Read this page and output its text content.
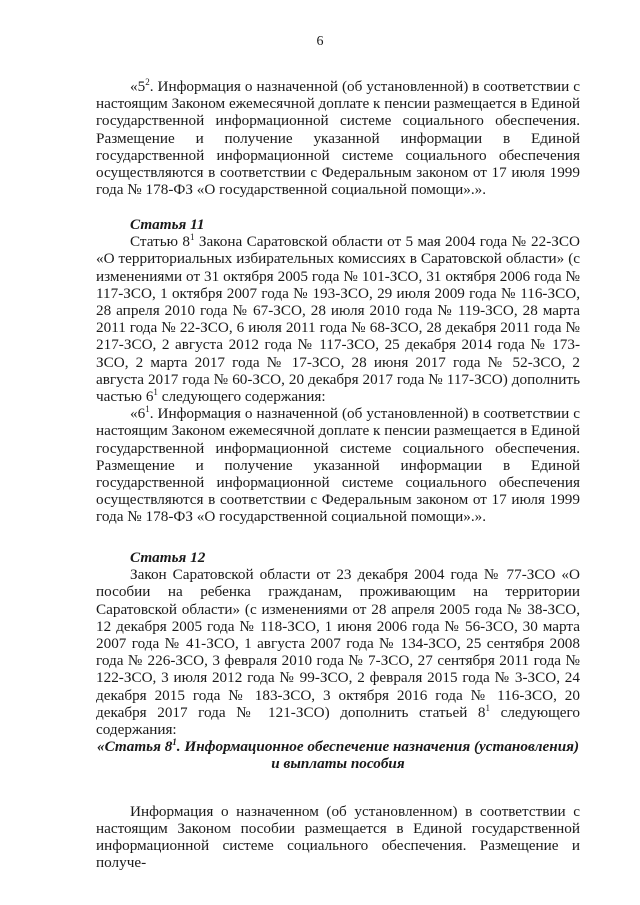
6

«$5^2$. Информация о назначенной (об установленной) в соответствии с настоящим Законом ежемесячной доплате к пенсии размещается в Единой государственной информационной системе социального обеспечения. Размещение и получение указанной информации в Единой государственной информационной системе социального обеспечения осуществляются в соответствии с Федеральным законом от 17 июля 1999 года № 178-ФЗ «О государственной социальной помощи».».

Статья 11

Статью $8^1$ Закона Саратовской области от 5 мая 2004 года № 22-ЗСО «О территориальных избирательных комиссиях в Саратовской области» (с изменениями от 31 октября 2005 года № 101-ЗСО, 31 октября 2006 года № 117-ЗСО, 1 октября 2007 года № 193-ЗСО, 29 июля 2009 года № 116-ЗСО, 28 апреля 2010 года № 67-ЗСО, 28 июля 2010 года № 119-ЗСО, 28 марта 2011 года № 22-ЗСО, 6 июля 2011 года № 68-ЗСО, 28 декабря 2011 года № 217-ЗСО, 2 августа 2012 года № 117-ЗСО, 25 декабря 2014 года № 173-ЗСО, 2 марта 2017 года № 17-ЗСО, 28 июня 2017 года № 52-ЗСО, 2 августа 2017 года № 60-ЗСО, 20 декабря 2017 года № 117-ЗСО) дополнить частью $6^1$ следующего содержания:

«$6^1$. Информация о назначенной (об установленной) в соответствии с настоящим Законом ежемесячной доплате к пенсии размещается в Единой государственной информационной системе социального обеспечения. Размещение и получение указанной информации в Единой государственной информационной системе социального обеспечения осуществляются в соответствии с Федеральным законом от 17 июля 1999 года № 178-ФЗ «О государственной социальной помощи».».

Статья 12

Закон Саратовской области от 23 декабря 2004 года № 77-ЗСО «О пособии на ребенка гражданам, проживающим на территории Саратовской области» (с изменениями от 28 апреля 2005 года № 38-ЗСО, 12 декабря 2005 года № 118-ЗСО, 1 июня 2006 года № 56-ЗСО, 30 марта 2007 года № 41-ЗСО, 1 августа 2007 года № 134-ЗСО, 25 сентября 2008 года № 226-ЗСО, 3 февраля 2010 года № 7-ЗСО, 27 сентября 2011 года № 122-ЗСО, 3 июля 2012 года № 99-ЗСО, 2 февраля 2015 года № 3-ЗСО, 24 декабря 2015 года № 183-ЗСО, 3 октября 2016 года № 116-ЗСО, 20 декабря 2017 года № 121-ЗСО) дополнить статьей $8^1$ следующего содержания:

«Статья $8^1$. Информационное обеспечение назначения (установления) и выплаты пособия

Информация о назначенном (об установленном) в соответствии с настоящим Законом пособии размещается в Единой государственной информационной системе социального обеспечения. Размещение и получе-
